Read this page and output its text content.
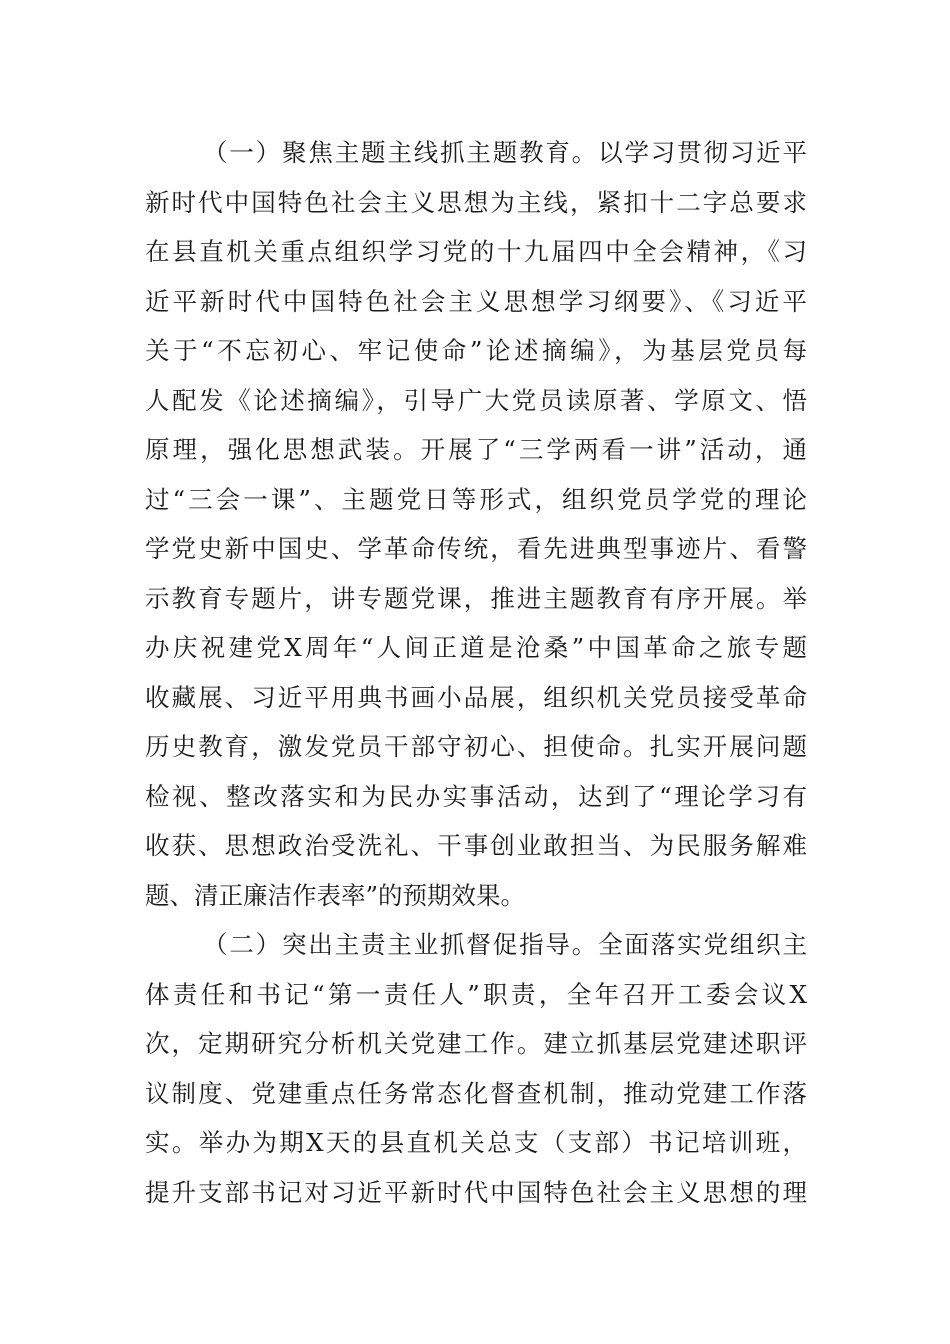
（一）聚焦主题主线抓主题教育。以学习贯彻习近平
新时代中国特色社会主义思想为主线，紧扣十二字总要求
在县直机关重点组织学习党的十九届四中全会精神，《习
近平新时代中国特色社会主义思想学习纲要》、《习近平
关于“不忘初心、牢记使命”论述摘编》，为基层党员每
人配发《论述摘编》，引导广大党员读原著、学原文、悟
原理，强化思想武装。开展了“三学两看一讲”活动，通
过“三会一课”、主题党日等形式，组织党员学党的理论
学党史新中国史、学革命传统，看先进典型事迹片、看警
示教育专题片，讲专题党课，推进主题教育有序开展。举
办庆祝建党X周年“人间正道是沧桑”中国革命之旅专题
收藏展、习近平用典书画小品展，组织机关党员接受革命
历史教育，激发党员干部守初心、担使命。扎实开展问题
检视、整改落实和为民办实事活动，达到了“理论学习有
收获、思想政治受洗礼、干事创业敢担当、为民服务解难
题、清正廉洁作表率”的预期效果。
（二）突出主责主业抓督促指导。全面落实党组织主
体责任和书记“第一责任人”职责，全年召开工委会议X
次，定期研究分析机关党建工作。建立抓基层党建述职评
议制度、党建重点任务常态化督查机制，推动党建工作落
实。举办为期X天的县直机关总支（支部）书记培训班，
提升支部书记对习近平新时代中国特色社会主义思想的理
